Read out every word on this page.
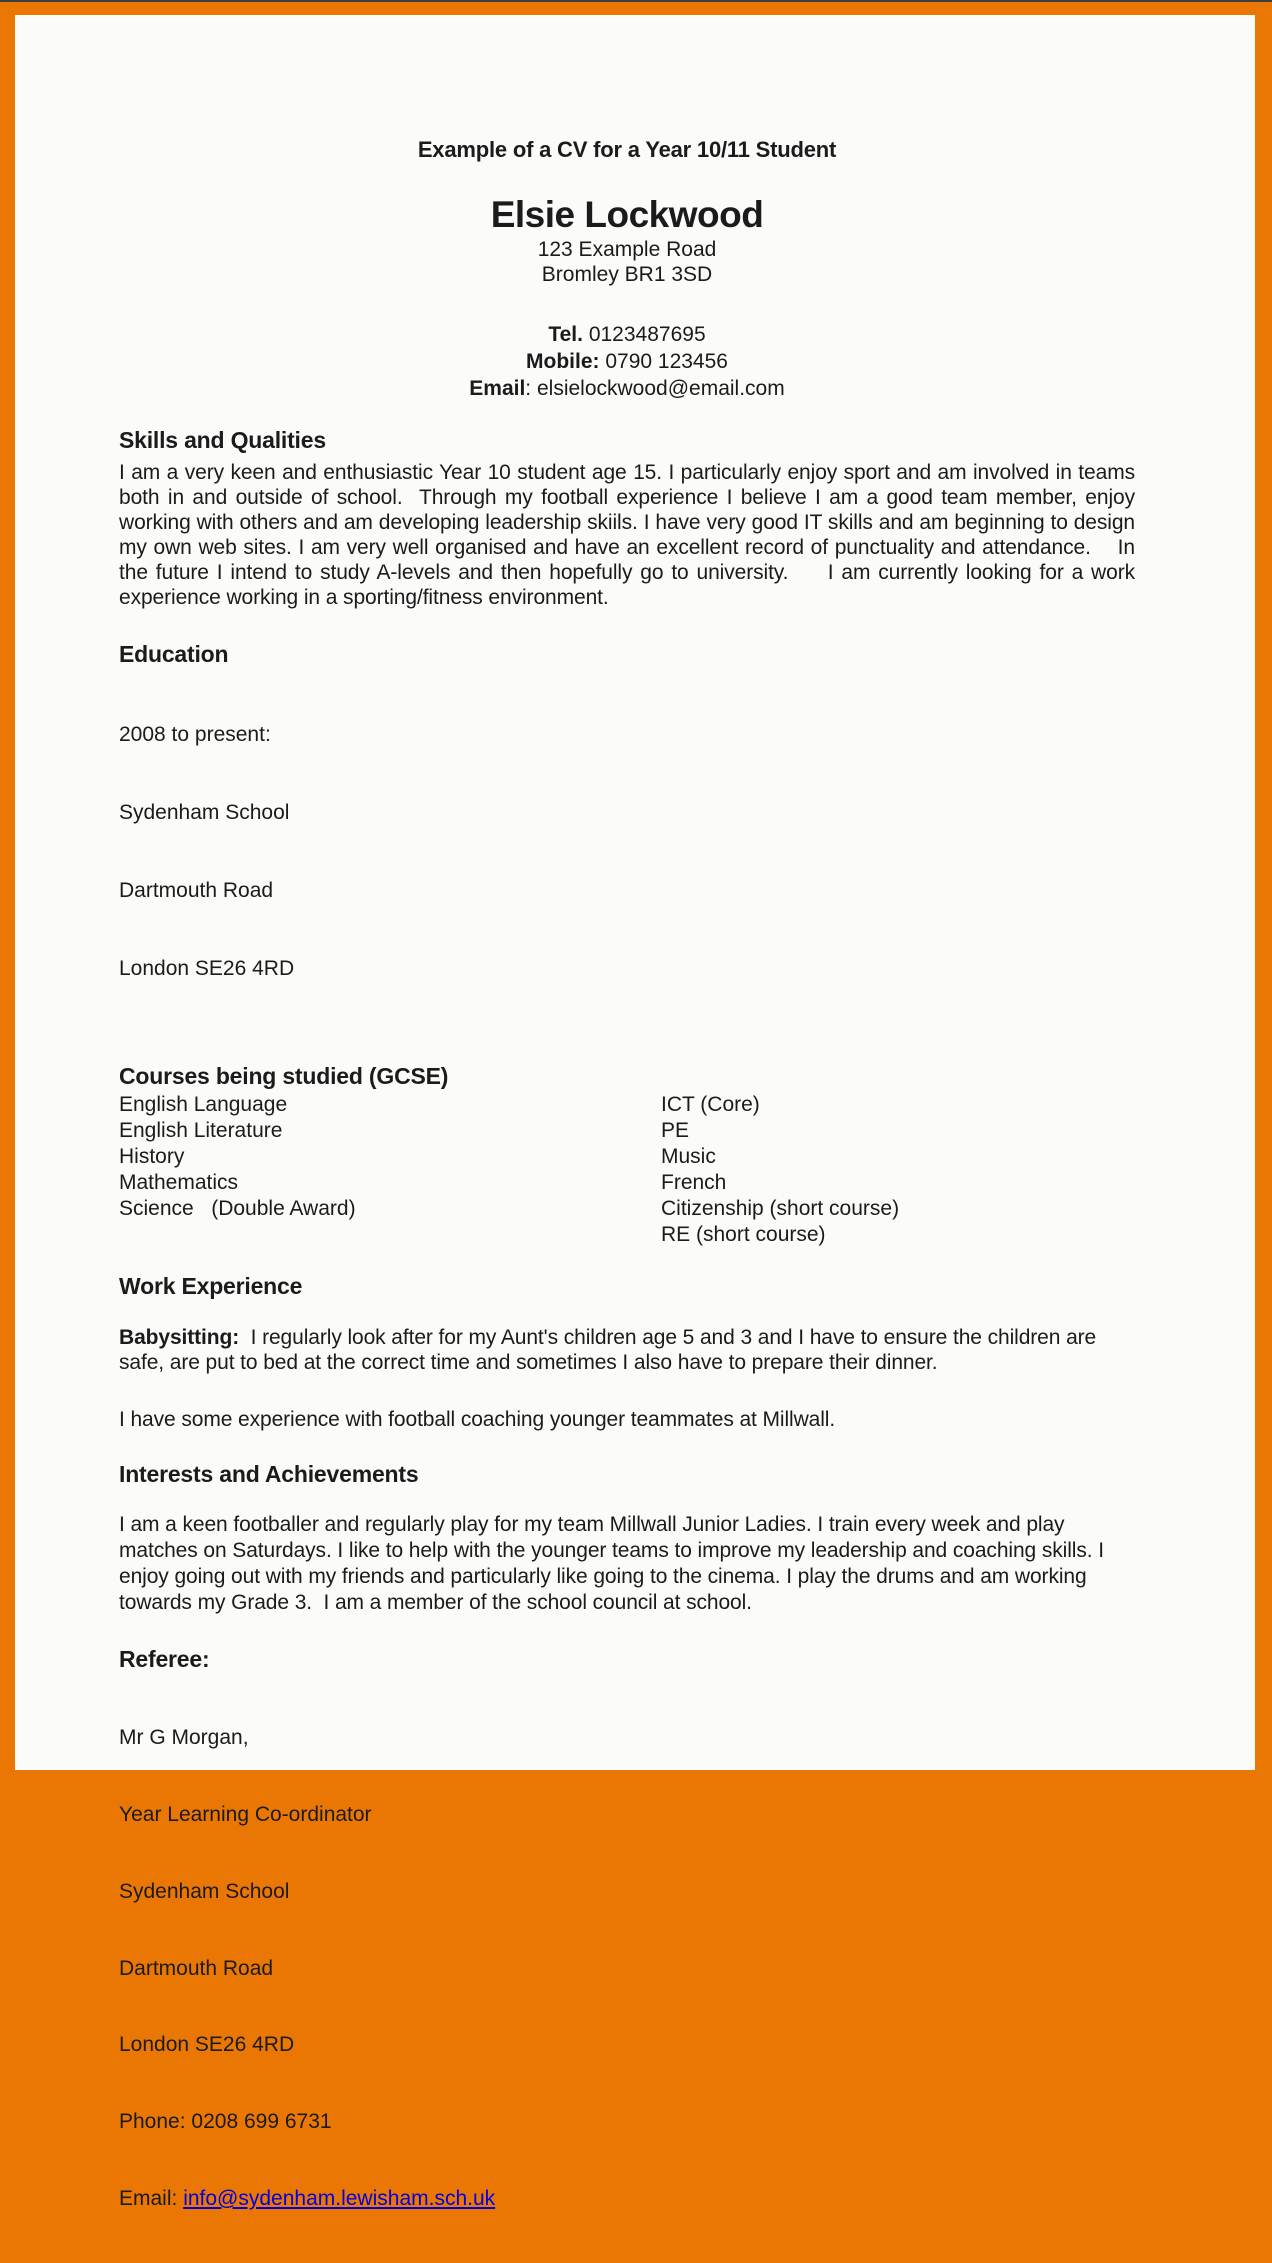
Example of a CV for a Year 10/11 Student
Elsie Lockwood
123 Example Road
Bromley BR1 3SD
Tel. 0123487695
Mobile: 0790 123456
Email: elsielockwood@email.com
Skills and Qualities
I am a very keen and enthusiastic Year 10 student age 15. I particularly enjoy sport and am involved in teams both in and outside of school.  Through my football experience I believe I am a good team member, enjoy working with others and am developing leadership skiils. I have very good IT skills and am beginning to design my own web sites. I am very well organised and have an excellent record of punctuality and attendance.    In the future I intend to study A-levels and then hopefully go to university.     I am currently looking for a work experience working in a sporting/fitness environment.
Education

2008 to present:

Sydenham School

Dartmouth Road

London SE26 4RD

Courses being studied (GCSE)
English Language
English Literature
History
Mathematics
Science   (Double Award)
ICT (Core)
PE
Music
French
Citizenship (short course)
RE (short course)
Work Experience
Babysitting:  I regularly look after for my Aunt's children age 5 and 3 and I have to ensure the children are safe, are put to bed at the correct time and sometimes I also have to prepare their dinner.
I have some experience with football coaching younger teammates at Millwall.
Interests and Achievements
I am a keen footballer and regularly play for my team Millwall Junior Ladies. I train every week and play matches on Saturdays. I like to help with the younger teams to improve my leadership and coaching skills. I enjoy going out with my friends and particularly like going to the cinema. I play the drums and am working towards my Grade 3.  I am a member of the school council at school.
Referee:

Mr G Morgan,

Year Learning Co-ordinator

Sydenham School

Dartmouth Road

London SE26 4RD

Phone: 0208 699 6731

Email: info@sydenham.lewisham.sch.uk
